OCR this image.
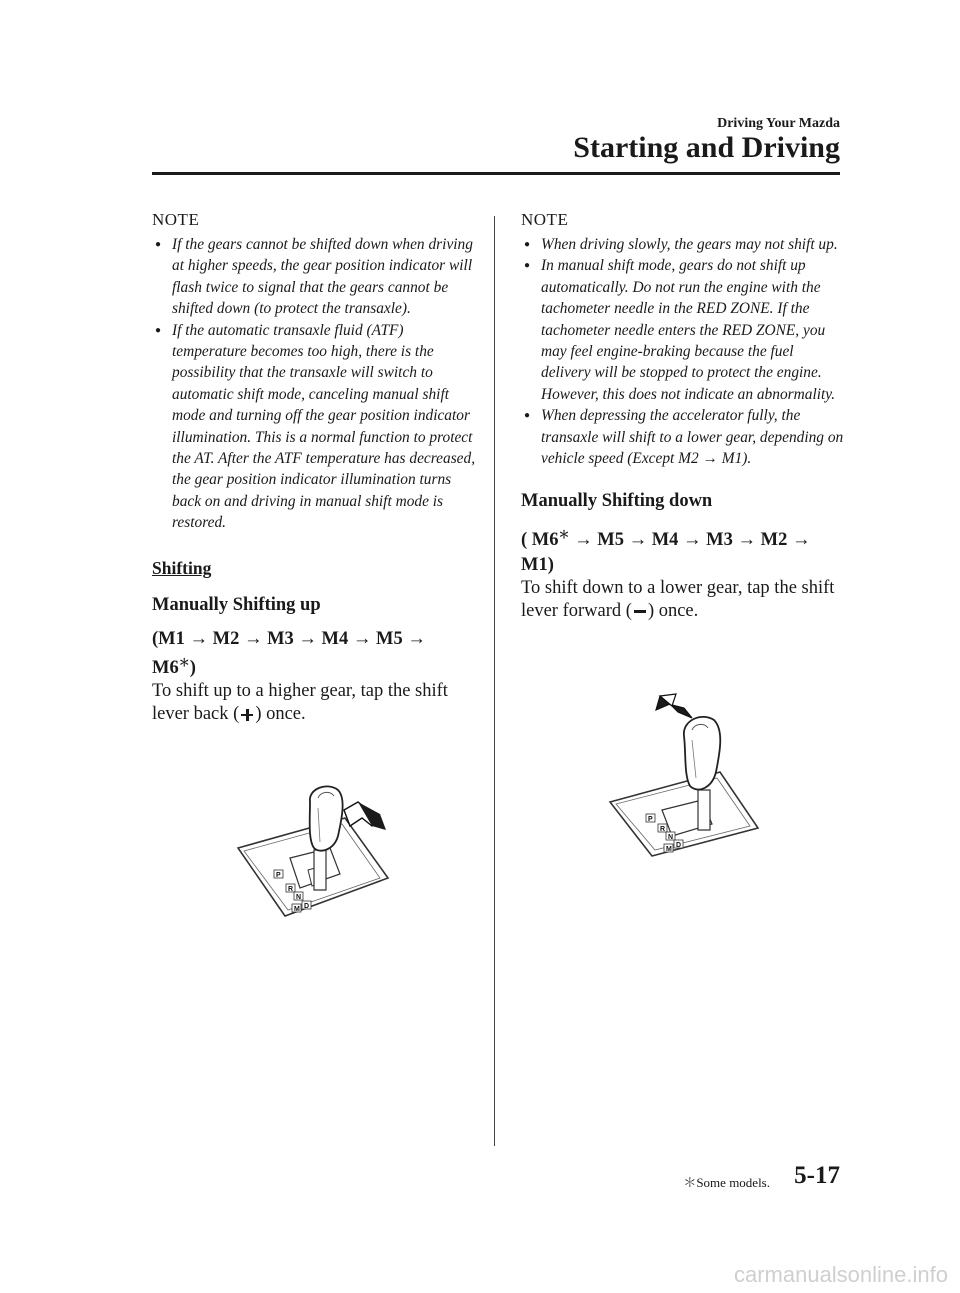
Driving Your Mazda
Starting and Driving
NOTE
● If the gears cannot be shifted down when driving at higher speeds, the gear position indicator will flash twice to signal that the gears cannot be shifted down (to protect the transaxle).
● If the automatic transaxle fluid (ATF) temperature becomes too high, there is the possibility that the transaxle will switch to automatic shift mode, canceling manual shift mode and turning off the gear position indicator illumination. This is a normal function to protect the AT. After the ATF temperature has decreased, the gear position indicator illumination turns back on and driving in manual shift mode is restored.
Shifting
Manually Shifting up
(M1 → M2 → M3 → M4 → M5 →
M6＊)
To shift up to a higher gear, tap the shift lever back ( ) once.
P
R
N
D
M
NOTE
● When driving slowly, the gears may not shift up.
● In manual shift mode, gears do not shift up automatically. Do not run the engine with the tachometer needle in the RED ZONE. If the tachometer needle enters the RED ZONE, you may feel engine-braking because the fuel delivery will be stopped to protect the engine. However, this does not indicate an abnormality.
● When depressing the accelerator fully, the transaxle will shift to a lower gear, depending on vehicle speed (Except M2 → M1).
Manually Shifting down
( M6＊ → M5 → M4 → M3 → M2 →
M1)
To shift down to a lower gear, tap the shift lever forward ( ) once.
P
R
N
D
M
＊Some models. 5-17
carmanualsonline.info
